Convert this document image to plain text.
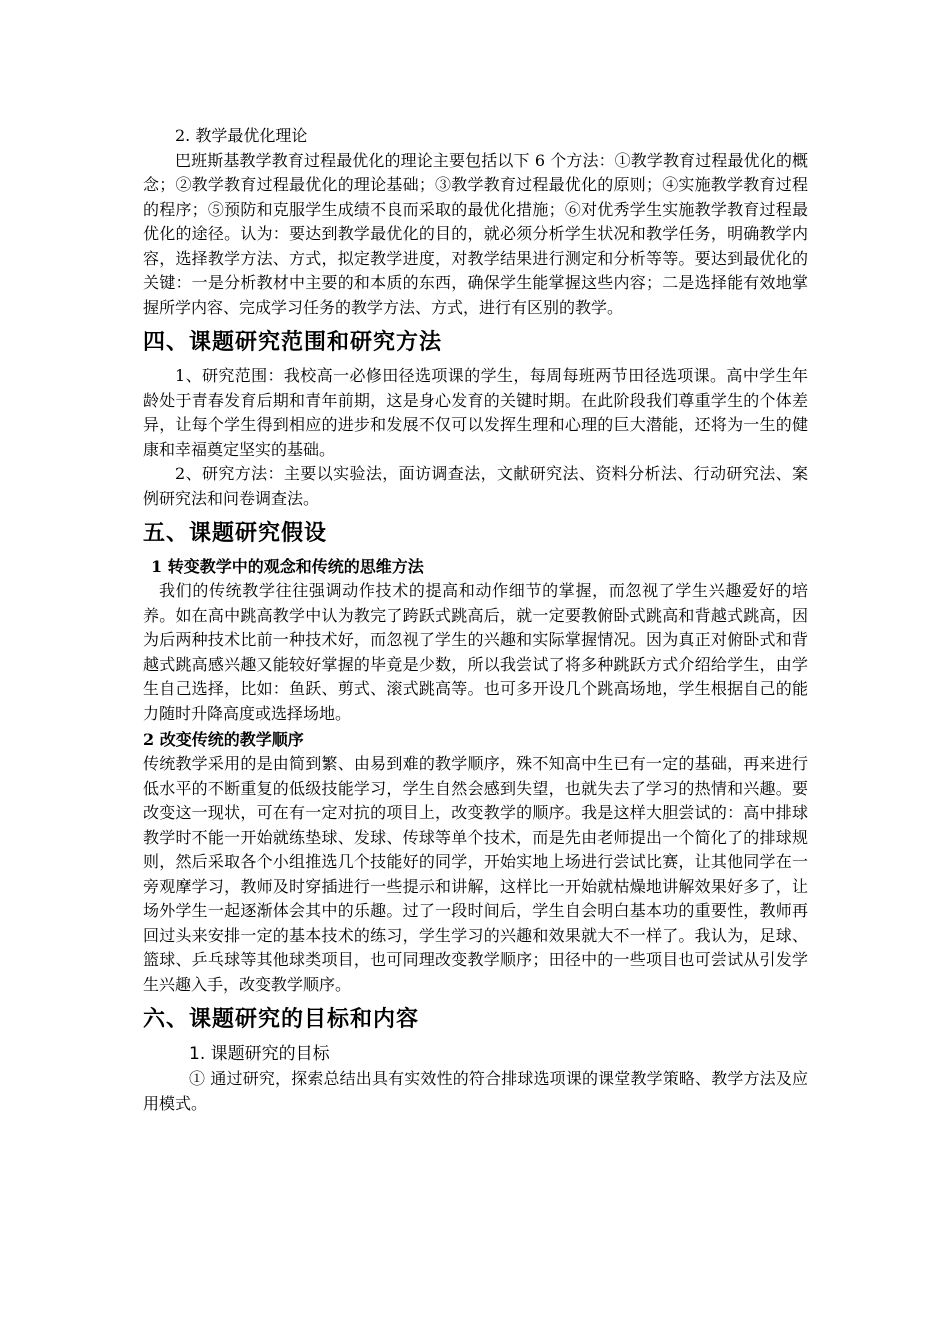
2. 教学最优化理论

巴班斯基教学教育过程最优化的理论主要包括以下 6 个方法：①教学教育过程最优化的概念；②教学教育过程最优化的理论基础；③教学教育过程最优化的原则；④实施教学教育过程的程序；⑤预防和克服学生成绩不良而采取的最优化措施；⑥对优秀学生实施教学教育过程最优化的途径。认为：要达到教学最优化的目的，就必须分析学生状况和教学任务，明确教学内容，选择教学方法、方式，拟定教学进度，对教学结果进行测定和分析等等。要达到最优化的关键：一是分析教材中主要的和本质的东西，确保学生能掌握这些内容；二是选择能有效地掌握所学内容、完成学习任务的教学方法、方式，进行有区别的教学。

四、课题研究范围和研究方法

1、研究范围：我校高一必修田径选项课的学生，每周每班两节田径选项课。高中学生年龄处于青春发育后期和青年前期，这是身心发育的关键时期。在此阶段我们尊重学生的个体差异，让每个学生得到相应的进步和发展不仅可以发挥生理和心理的巨大潜能，还将为一生的健康和幸福奠定坚实的基础。

2、研究方法：主要以实验法，面访调查法，文献研究法、资料分析法、行动研究法、案例研究法和问卷调查法。

五、课题研究假设
1 转变教学中的观念和传统的思维方法

我们的传统教学往往强调动作技术的提高和动作细节的掌握，而忽视了学生兴趣爱好的培养。如在高中跳高教学中认为教完了跨跃式跳高后，就一定要教俯卧式跳高和背越式跳高，因为后两种技术比前一种技术好，而忽视了学生的兴趣和实际掌握情况。因为真正对俯卧式和背越式跳高感兴趣又能较好掌握的毕竟是少数，所以我尝试了将多种跳跃方式介绍给学生，由学生自己选择，比如：鱼跃、剪式、滚式跳高等。也可多开设几个跳高场地，学生根据自己的能力随时升降高度或选择场地。

2 改变传统的教学顺序

传统教学采用的是由简到繁、由易到难的教学顺序，殊不知高中生已有一定的基础，再来进行低水平的不断重复的低级技能学习，学生自然会感到失望，也就失去了学习的热情和兴趣。要改变这一现状，可在有一定对抗的项目上，改变教学的顺序。我是这样大胆尝试的：高中排球教学时不能一开始就练垫球、发球、传球等单个技术，而是先由老师提出一个简化了的排球规则，然后采取各个小组推选几个技能好的同学，开始实地上场进行尝试比赛，让其他同学在一旁观摩学习，教师及时穿插进行一些提示和讲解，这样比一开始就枯燥地讲解效果好多了，让场外学生一起逐渐体会其中的乐趣。过了一段时间后，学生自会明白基本功的重要性，教师再回过头来安排一定的基本技术的练习，学生学习的兴趣和效果就大不一样了。我认为，足球、篮球、乒乓球等其他球类项目，也可同理改变教学顺序；田径中的一些项目也可尝试从引发学生兴趣入手，改变教学顺序。

六、课题研究的目标和内容
1. 课题研究的目标

① 通过研究，探索总结出具有实效性的符合排球选项课的课堂教学策略、教学方法及应用模式。
